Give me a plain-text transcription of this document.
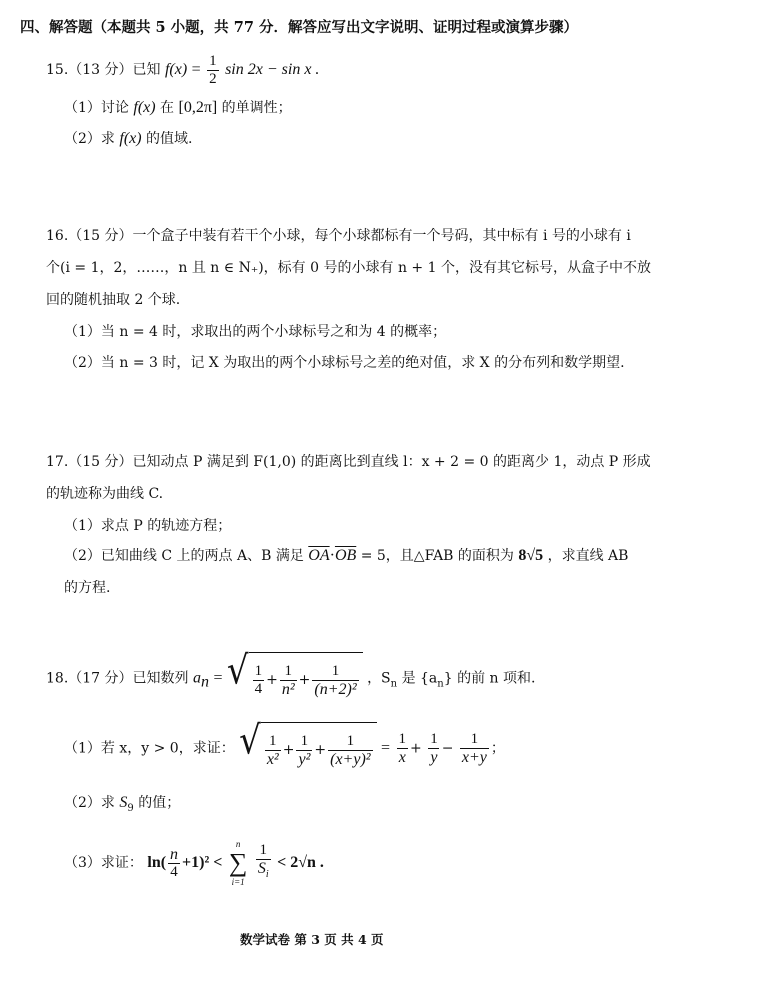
四、解答题（本题共 5 小题，共 77 分．解答应写出文字说明、证明过程或演算步骤）
15.（13 分）已知 $f(x) = \frac{1}{2}$ sin 2x − sin x .
（1）讨论 f(x) 在 [0,2π] 的单调性；
（2）求 f(x) 的值域.
16.（15 分）一个盒子中装有若干个小球，每个小球都标有一个号码，其中标有 i 号的小球有 i
个(i = 1，2，……，n 且 n ∈ N₊)，标有 0 号的小球有 n + 1 个，没有其它标号，从盒子中不放
回的随机抽取 2 个球.
（1）当 n = 4 时，求取出的两个小球标号之和为 4 的概率；
（2）当 n = 3 时，记 X 为取出的两个小球标号之差的绝对值，求 X 的分布列和数学期望.
17.（15 分）已知动点 P 满足到 F(1,0) 的距离比到直线 l：x + 2 = 0 的距离少 1，动点 P 形成
的轨迹称为曲线 C.
（1）求点 P 的轨迹方程；
（2）已知曲线 C 上的两点 A、B 满足 $\overline{OA}\cdot\overline{OB} = 5$，且△FAB 的面积为 8√5 ，求直线 AB
的方程.
18.（17 分）已知数列 $a_n$ = √ $\frac{1}{4} + \frac{1}{\text{n²}} + \frac{1}{\text{(n+2)²}}$ ，$S_n$ 是 $\{a_n\}$ 的前 n 项和.
（1）若 x，y > 0，求证： √ $\frac{1}{\text{x²}} + \frac{1}{\text{y²}} + \frac{1}{\text{(x+y)²}} = \frac{1}{x} + \frac{1}{y} - \frac{1}{x+y}$ ；
（2）求 $S_9$ 的值；
（3）求证： $\ln( \frac{n}{4} +1)^2$ <
n
∑
i=1
$\frac{1}{S_i} < 2√n$ .
数学试卷 第 3 页 共 4 页
